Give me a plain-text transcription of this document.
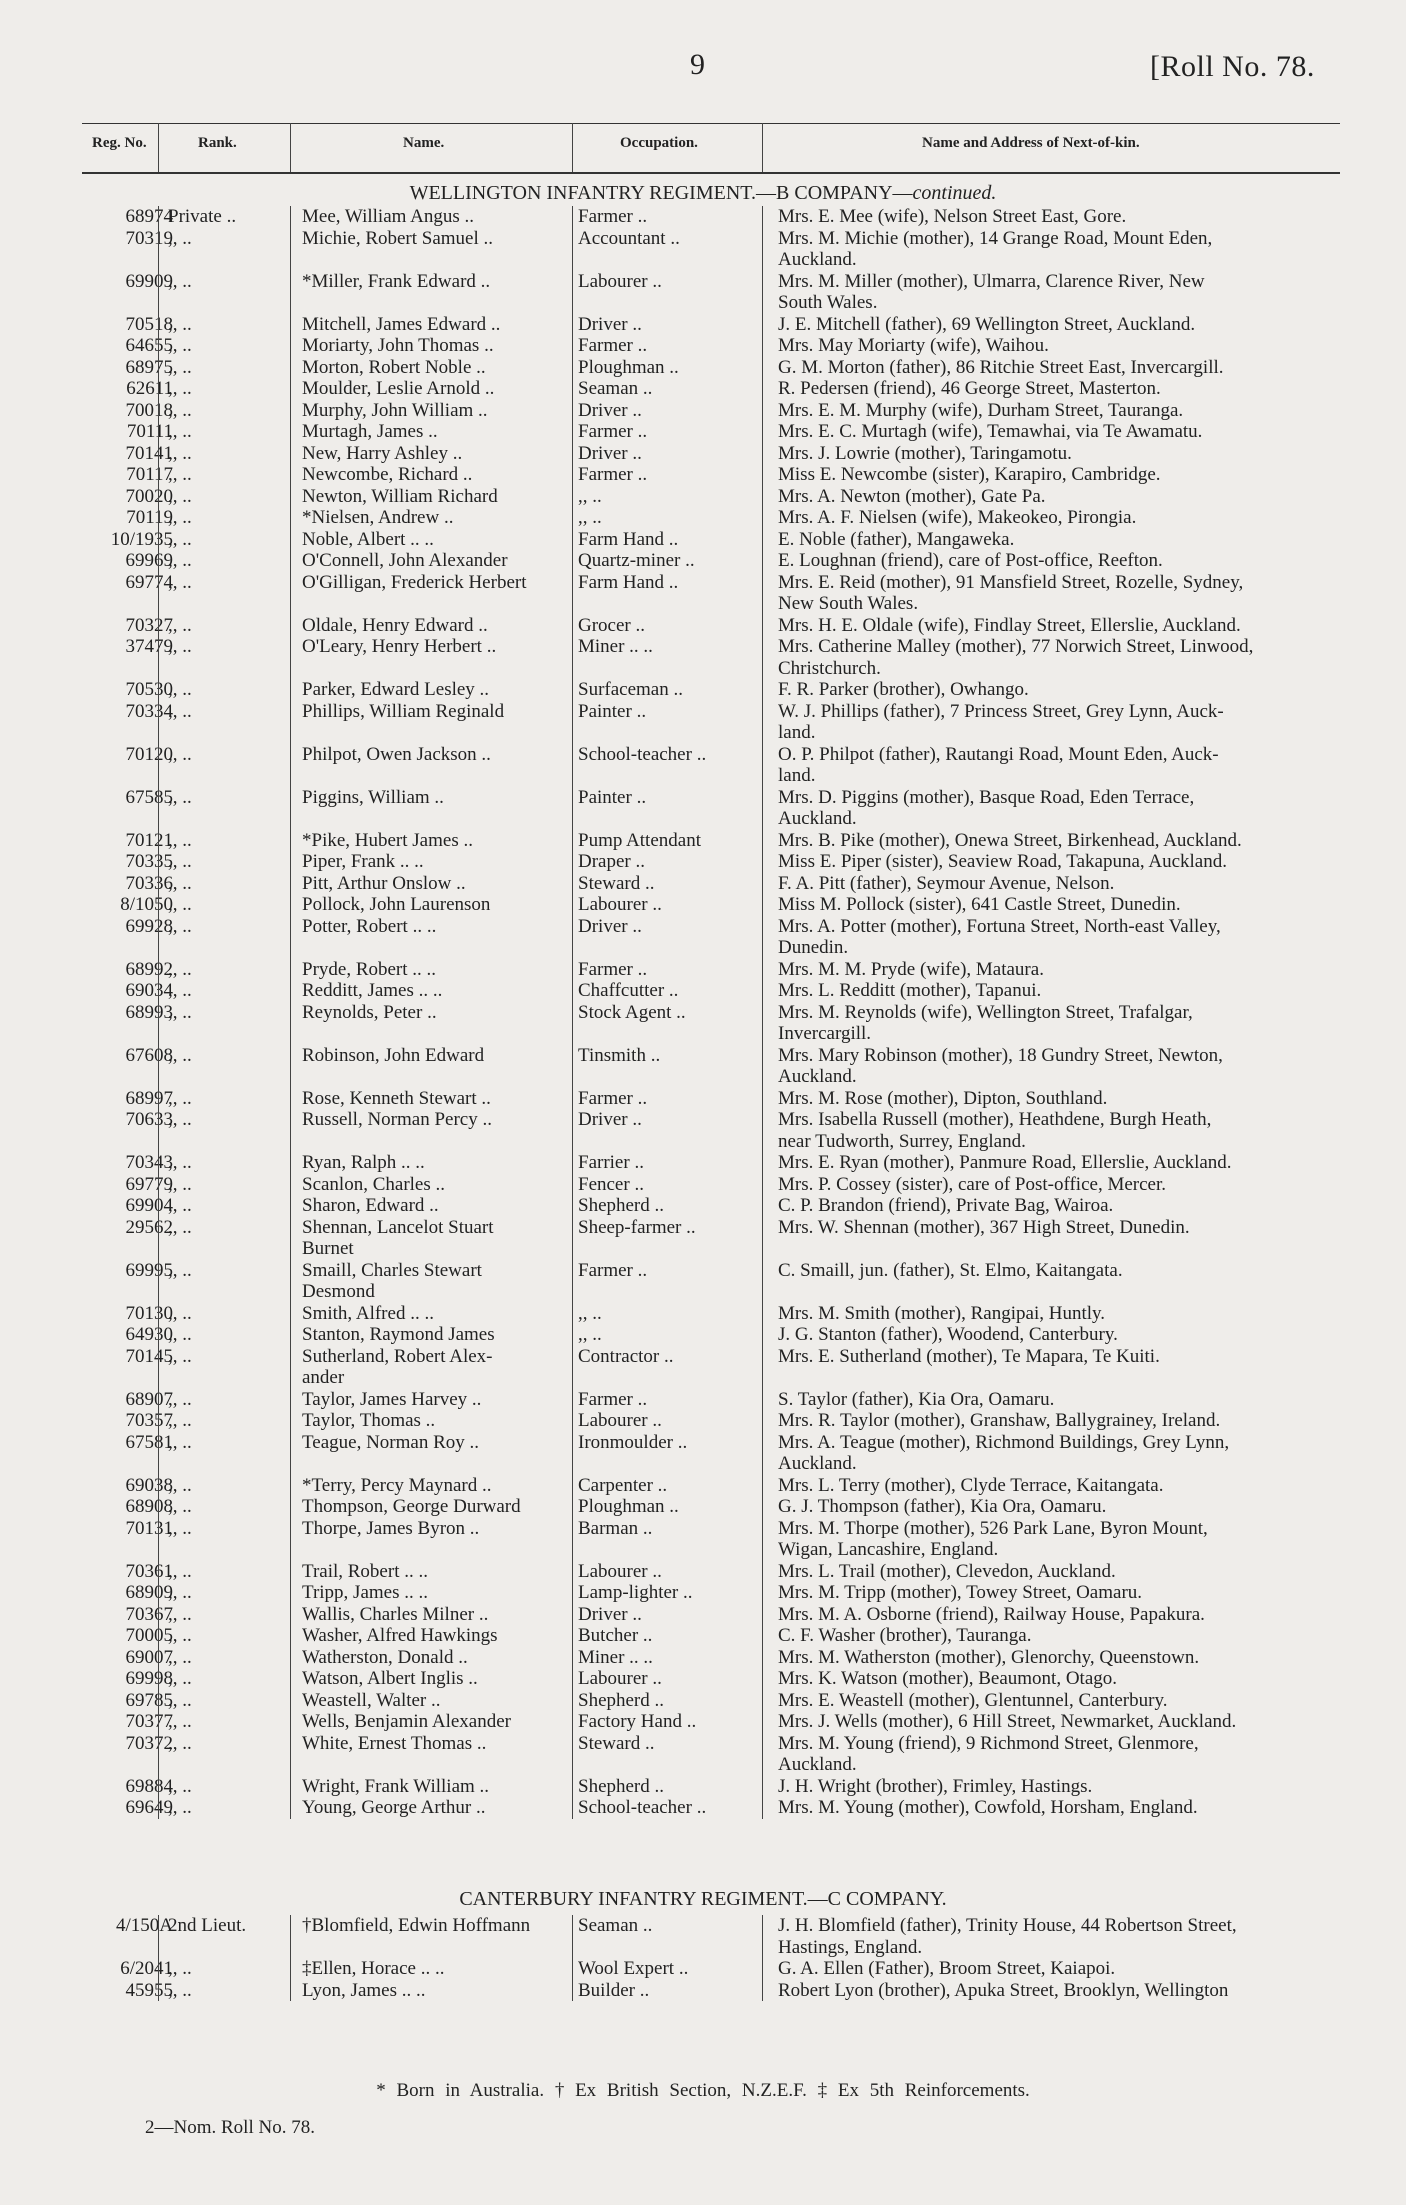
9	[Roll No. 78.
Reg. No.	Rank.	Name.	Occupation.	Name and Address of Next-of-kin.
WELLINGTON INFANTRY REGIMENT.—B COMPANY—continued.
68974
Private ..	Mee, William Angus ..	Farmer ..	Mrs. E. Mee (wife), Nelson Street East, Gore.
70319
,, ..	Michie, Robert Samuel ..	Accountant ..	Mrs. M. Michie (mother), 14 Grange Road, Mount Eden,
Auckland.
69909
,, ..	*Miller, Frank Edward ..	Labourer ..	Mrs. M. Miller (mother), Ulmarra, Clarence River, New
South Wales.
70518
,, ..	Mitchell, James Edward ..	Driver ..	J. E. Mitchell (father), 69 Wellington Street, Auckland.
64655
,, ..	Moriarty, John Thomas ..	Farmer ..	Mrs. May Moriarty (wife), Waihou.
68975
,, ..	Morton, Robert Noble ..	Ploughman ..	G. M. Morton (father), 86 Ritchie Street East, Invercargill.
62611
,, ..	Moulder, Leslie Arnold ..	Seaman ..	R. Pedersen (friend), 46 George Street, Masterton.
70018
,, ..	Murphy, John William ..	Driver ..	Mrs. E. M. Murphy (wife), Durham Street, Tauranga.
70111
,, ..	Murtagh, James ..	Farmer ..	Mrs. E. C. Murtagh (wife), Temawhai, via Te Awamatu.
70141
,, ..	New, Harry Ashley ..	Driver ..	Mrs. J. Lowrie (mother), Taringamotu.
70117
,, ..	Newcombe, Richard ..	Farmer ..	Miss E. Newcombe (sister), Karapiro, Cambridge.
70020
,, ..	Newton, William Richard	,, ..	Mrs. A. Newton (mother), Gate Pa.
70119
,, ..	*Nielsen, Andrew ..	,, ..	Mrs. A. F. Nielsen (wife), Makeokeo, Pirongia.
10/1935
,, ..	Noble, Albert .. ..	Farm Hand ..	E. Noble (father), Mangaweka.
69969
,, ..	O'Connell, John Alexander	Quartz-miner ..	E. Loughnan (friend), care of Post-office, Reefton.
69774
,, ..	O'Gilligan, Frederick Herbert	Farm Hand ..	Mrs. E. Reid (mother), 91 Mansfield Street, Rozelle, Sydney,
New South Wales.
70327
,, ..	Oldale, Henry Edward ..	Grocer ..	Mrs. H. E. Oldale (wife), Findlay Street, Ellerslie, Auckland.
37479
,, ..	O'Leary, Henry Herbert ..	Miner .. ..	Mrs. Catherine Malley (mother), 77 Norwich Street, Linwood,
Christchurch.
70530
,, ..	Parker, Edward Lesley ..	Surfaceman ..	F. R. Parker (brother), Owhango.
70334
,, ..	Phillips, William Reginald	Painter ..	W. J. Phillips (father), 7 Princess Street, Grey Lynn, Auck-
land.
70120
,, ..	Philpot, Owen Jackson ..	School-teacher ..	O. P. Philpot (father), Rautangi Road, Mount Eden, Auck-
land.
67585
,, ..	Piggins, William ..	Painter ..	Mrs. D. Piggins (mother), Basque Road, Eden Terrace,
Auckland.
70121
,, ..	*Pike, Hubert James ..	Pump Attendant	Mrs. B. Pike (mother), Onewa Street, Birkenhead, Auckland.
70335
,, ..	Piper, Frank .. ..	Draper ..	Miss E. Piper (sister), Seaview Road, Takapuna, Auckland.
70336
,, ..	Pitt, Arthur Onslow ..	Steward ..	F. A. Pitt (father), Seymour Avenue, Nelson.
8/1050
,, ..	Pollock, John Laurenson	Labourer ..	Miss M. Pollock (sister), 641 Castle Street, Dunedin.
69928
,, ..	Potter, Robert .. ..	Driver ..	Mrs. A. Potter (mother), Fortuna Street, North-east Valley,
Dunedin.
68992
,, ..	Pryde, Robert .. ..	Farmer ..	Mrs. M. M. Pryde (wife), Mataura.
69034
,, ..	Redditt, James .. ..	Chaffcutter ..	Mrs. L. Redditt (mother), Tapanui.
68993
,, ..	Reynolds, Peter ..	Stock Agent ..	Mrs. M. Reynolds (wife), Wellington Street, Trafalgar,
Invercargill.
67608
,, ..	Robinson, John Edward	Tinsmith ..	Mrs. Mary Robinson (mother), 18 Gundry Street, Newton,
Auckland.
68997
,, ..	Rose, Kenneth Stewart ..	Farmer ..	Mrs. M. Rose (mother), Dipton, Southland.
70633
,, ..	Russell, Norman Percy ..	Driver ..	Mrs. Isabella Russell (mother), Heathdene, Burgh Heath,
near Tudworth, Surrey, England.
70343
,, ..	Ryan, Ralph .. ..	Farrier ..	Mrs. E. Ryan (mother), Panmure Road, Ellerslie, Auckland.
69779
,, ..	Scanlon, Charles ..	Fencer ..	Mrs. P. Cossey (sister), care of Post-office, Mercer.
69904
,, ..	Sharon, Edward ..	Shepherd ..	C. P. Brandon (friend), Private Bag, Wairoa.
29562
,, ..	Shennan, Lancelot Stuart
Burnet
Sheep-farmer ..	Mrs. W. Shennan (mother), 367 High Street, Dunedin.
69995
,, ..	Smaill, Charles Stewart
Desmond
Farmer ..	C. Smaill, jun. (father), St. Elmo, Kaitangata.
70130
,, ..	Smith, Alfred .. ..	,, ..	Mrs. M. Smith (mother), Rangipai, Huntly.
64930
,, ..	Stanton, Raymond James	,, ..	J. G. Stanton (father), Woodend, Canterbury.
70145
,, ..	Sutherland, Robert Alex-
ander
Contractor ..	Mrs. E. Sutherland (mother), Te Mapara, Te Kuiti.
68907
,, ..	Taylor, James Harvey ..	Farmer ..	S. Taylor (father), Kia Ora, Oamaru.
70357
,, ..	Taylor, Thomas ..	Labourer ..	Mrs. R. Taylor (mother), Granshaw, Ballygrainey, Ireland.
67581
,, ..	Teague, Norman Roy ..	Ironmoulder ..	Mrs. A. Teague (mother), Richmond Buildings, Grey Lynn,
Auckland.
69038
,, ..	*Terry, Percy Maynard ..	Carpenter ..	Mrs. L. Terry (mother), Clyde Terrace, Kaitangata.
68908
,, ..	Thompson, George Durward	Ploughman ..	G. J. Thompson (father), Kia Ora, Oamaru.
70131
,, ..	Thorpe, James Byron ..	Barman ..	Mrs. M. Thorpe (mother), 526 Park Lane, Byron Mount,
Wigan, Lancashire, England.
70361
,, ..	Trail, Robert .. ..	Labourer ..	Mrs. L. Trail (mother), Clevedon, Auckland.
68909
,, ..	Tripp, James .. ..	Lamp-lighter ..	Mrs. M. Tripp (mother), Towey Street, Oamaru.
70367
,, ..	Wallis, Charles Milner ..	Driver ..	Mrs. M. A. Osborne (friend), Railway House, Papakura.
70005
,, ..	Washer, Alfred Hawkings	Butcher ..	C. F. Washer (brother), Tauranga.
69007
,, ..	Watherston, Donald ..	Miner .. ..	Mrs. M. Watherston (mother), Glenorchy, Queenstown.
69998
,, ..	Watson, Albert Inglis ..	Labourer ..	Mrs. K. Watson (mother), Beaumont, Otago.
69785
,, ..	Weastell, Walter ..	Shepherd ..	Mrs. E. Weastell (mother), Glentunnel, Canterbury.
70377
,, ..	Wells, Benjamin Alexander	Factory Hand ..	Mrs. J. Wells (mother), 6 Hill Street, Newmarket, Auckland.
70372
,, ..	White, Ernest Thomas ..	Steward ..	Mrs. M. Young (friend), 9 Richmond Street, Glenmore,
Auckland.
69884
,, ..	Wright, Frank William ..	Shepherd ..	J. H. Wright (brother), Frimley, Hastings.
69649
,, ..	Young, George Arthur ..	School-teacher ..	Mrs. M. Young (mother), Cowfold, Horsham, England.
CANTERBURY INFANTRY REGIMENT.—C COMPANY.
4/150A
2nd Lieut.	†Blomfield, Edwin Hoffmann	Seaman ..	J. H. Blomfield (father), Trinity House, 44 Robertson Street,
Hastings, England.
6/2041
,, ..	‡Ellen, Horace .. ..	Wool Expert ..	G. A. Ellen (Father), Broom Street, Kaiapoi.
45955
,, ..	Lyon, James .. ..	Builder ..	Robert Lyon (brother), Apuka Street, Brooklyn, Wellington
* Born in Australia. † Ex British Section, N.Z.E.F. ‡ Ex 5th Reinforcements.
2—Nom. Roll No. 78.
